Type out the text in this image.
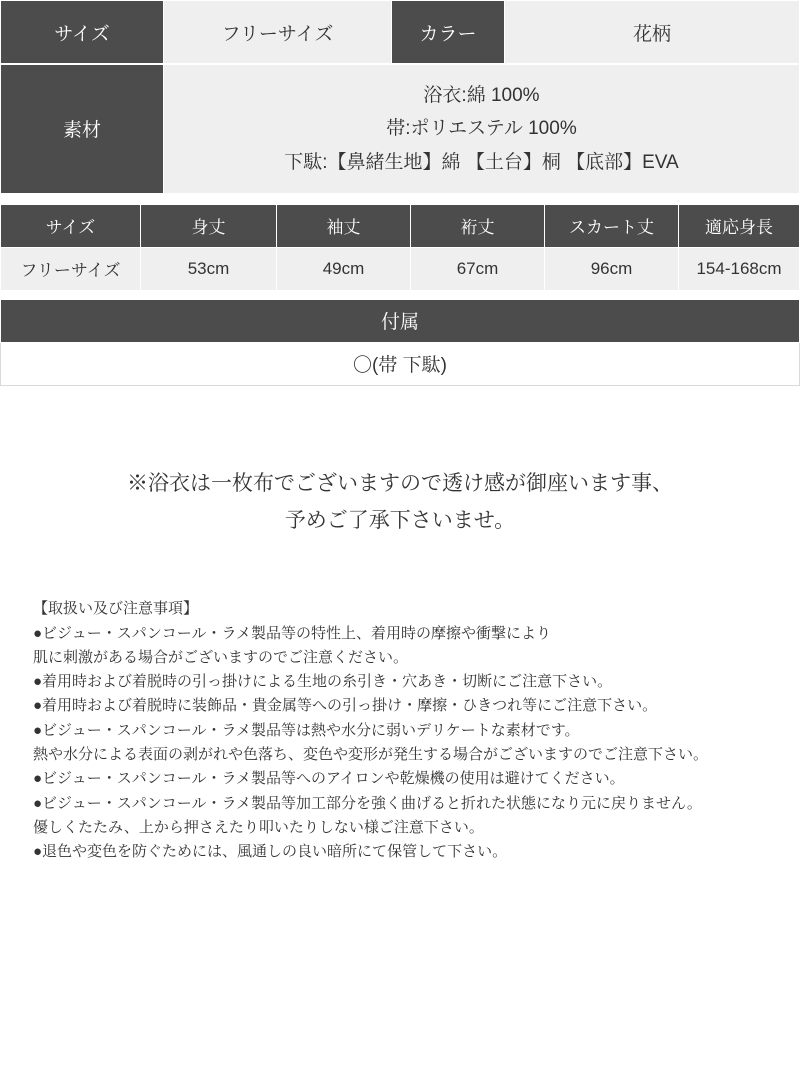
サイズ	フリーサイズ	カラー	花柄
素材	
浴衣:綿 100%
帯:ポリエステル 100%
下駄:【鼻緒生地】綿 【土台】桐 【底部】EVA
サイズ	身丈	袖丈	裄丈	スカート丈	適応身長
フリーサイズ	53cm	49cm	67cm	96cm	154-168cm
付属
〇(帯 下駄)
※浴衣は一枚布でございますので透け感が御座います事、
予めご了承下さいませ。
【取扱い及び注意事項】
●ビジュー・スパンコール・ラメ製品等の特性上、着用時の摩擦や衝撃により
肌に刺激がある場合がございますのでご注意ください。
●着用時および着脱時の引っ掛けによる生地の糸引き・穴あき・切断にご注意下さい。
●着用時および着脱時に装飾品・貴金属等への引っ掛け・摩擦・ひきつれ等にご注意下さい。
●ビジュー・スパンコール・ラメ製品等は熱や水分に弱いデリケートな素材です。
熱や水分による表面の剥がれや色落ち、変色や変形が発生する場合がございますのでご注意下さい。
●ビジュー・スパンコール・ラメ製品等へのアイロンや乾燥機の使用は避けてください。
●ビジュー・スパンコール・ラメ製品等加工部分を強く曲げると折れた状態になり元に戻りません。
優しくたたみ、上から押さえたり叩いたりしない様ご注意下さい。
●退色や変色を防ぐためには、風通しの良い暗所にて保管して下さい。
